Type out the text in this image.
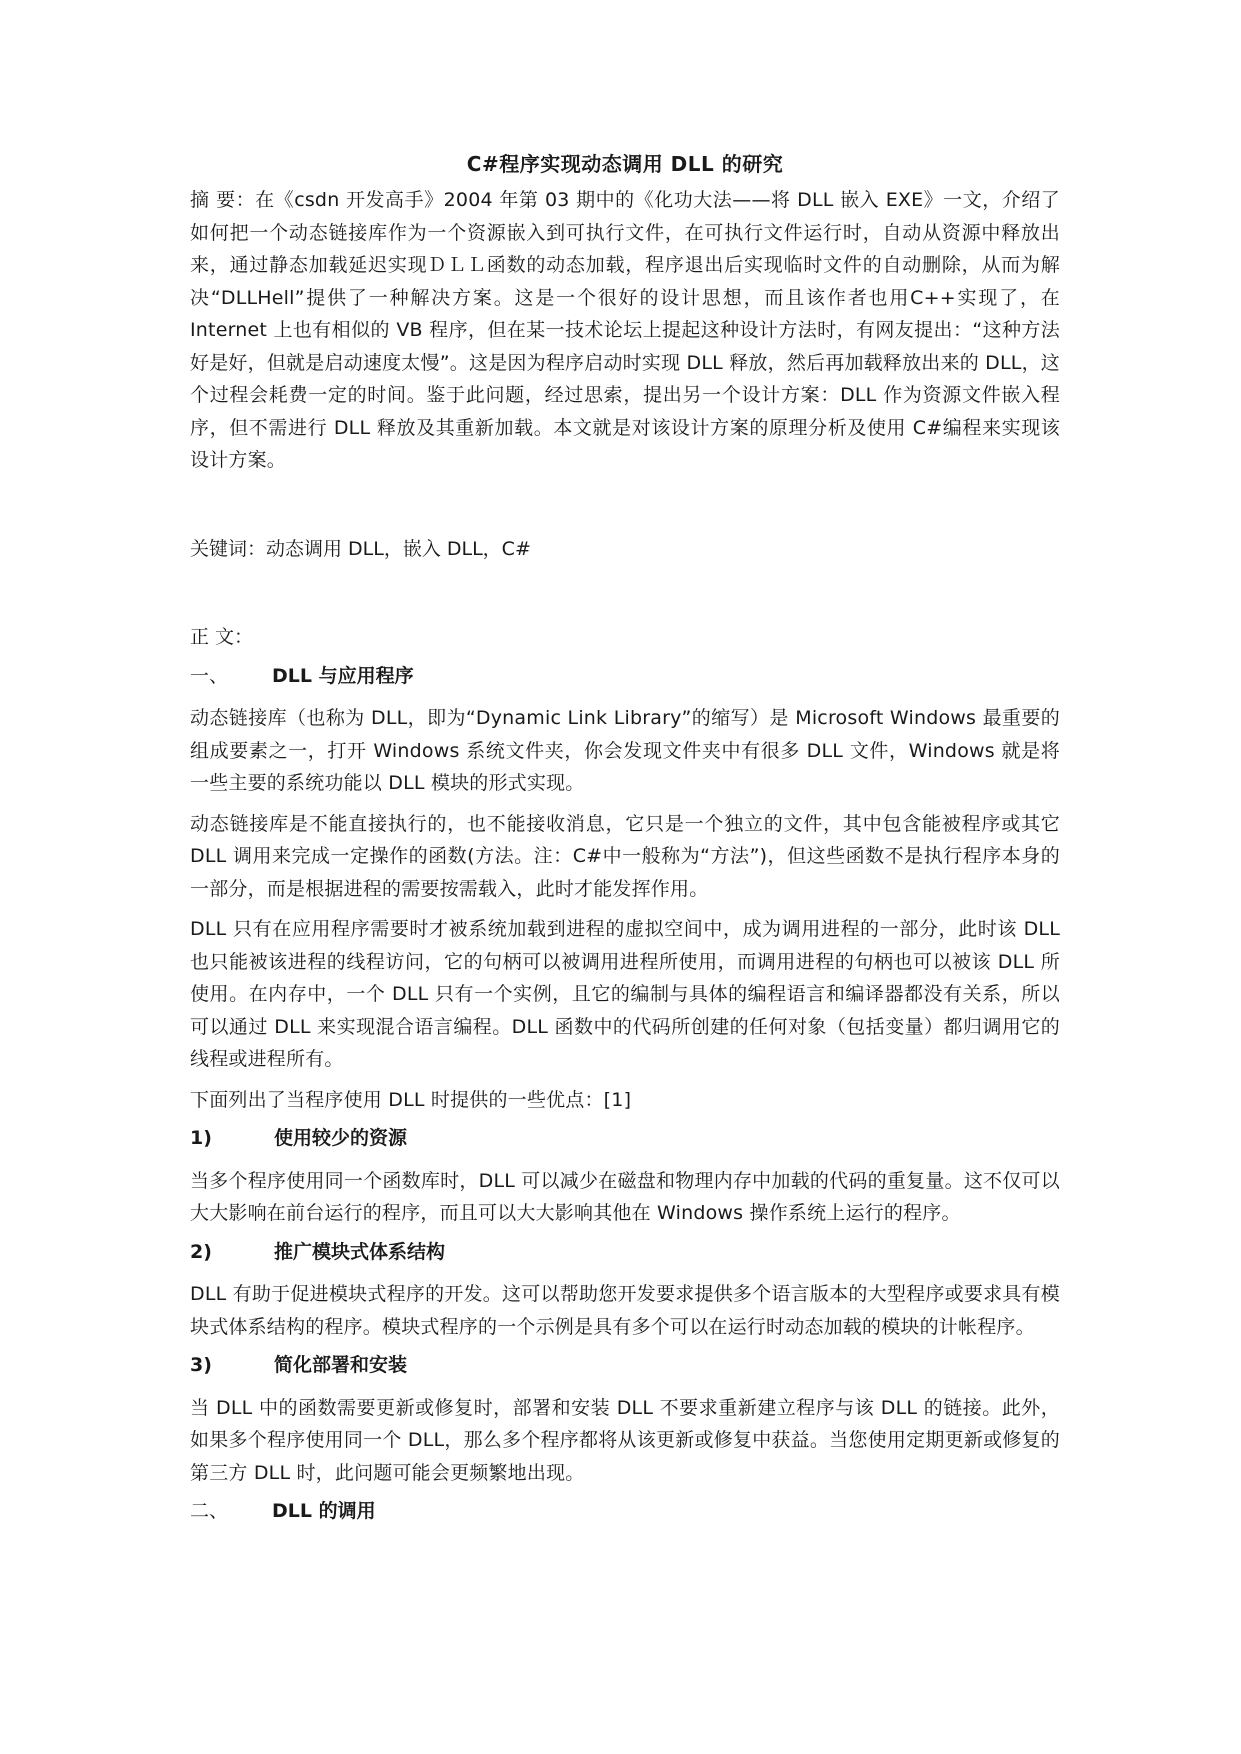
C#程序实现动态调用 DLL 的研究

摘 要：在《csdn 开发高手》2004 年第 03 期中的《化功大法——将 DLL 嵌入 EXE》一文，介绍了如何把一个动态链接库作为一个资源嵌入到可执行文件，在可执行文件运行时，自动从资源中释放出来，通过静态加载延迟实现ＤＬＬ函数的动态加载，程序退出后实现临时文件的自动删除，从而为解决“DLLHell”提供了一种解决方案。这是一个很好的设计思想，而且该作者也用C++实现了，在 Internet 上也有相似的 VB 程序，但在某一技术论坛上提起这种设计方法时，有网友提出：“这种方法好是好，但就是启动速度太慢”。这是因为程序启动时实现 DLL 释放，然后再加载释放出来的 DLL，这个过程会耗费一定的时间。鉴于此问题，经过思索，提出另一个设计方案：DLL 作为资源文件嵌入程序，但不需进行 DLL 释放及其重新加载。本文就是对该设计方案的原理分析及使用 C#编程来实现该设计方案。

关键词：动态调用 DLL，嵌入 DLL，C#
正 文：
一、	DLL 与应用程序

动态链接库（也称为 DLL，即为“Dynamic Link Library”的缩写）是 Microsoft Windows 最重要的组成要素之一，打开 Windows 系统文件夹，你会发现文件夹中有很多 DLL 文件，Windows 就是将一些主要的系统功能以 DLL 模块的形式实现。

动态链接库是不能直接执行的，也不能接收消息，它只是一个独立的文件，其中包含能被程序或其它 DLL 调用来完成一定操作的函数(方法。注：C#中一般称为“方法”)，但这些函数不是执行程序本身的一部分，而是根据进程的需要按需载入，此时才能发挥作用。

DLL 只有在应用程序需要时才被系统加载到进程的虚拟空间中，成为调用进程的一部分，此时该 DLL 也只能被该进程的线程访问，它的句柄可以被调用进程所使用，而调用进程的句柄也可以被该 DLL 所使用。在内存中，一个 DLL 只有一个实例，且它的编制与具体的编程语言和编译器都没有关系，所以可以通过 DLL 来实现混合语言编程。DLL 函数中的代码所创建的任何对象（包括变量）都归调用它的线程或进程所有。

下面列出了当程序使用 DLL 时提供的一些优点：[1]

1)	使用较少的资源

当多个程序使用同一个函数库时，DLL 可以减少在磁盘和物理内存中加载的代码的重复量。这不仅可以大大影响在前台运行的程序，而且可以大大影响其他在 Windows 操作系统上运行的程序。

2)	推广模块式体系结构

DLL 有助于促进模块式程序的开发。这可以帮助您开发要求提供多个语言版本的大型程序或要求具有模块式体系结构的程序。模块式程序的一个示例是具有多个可以在运行时动态加载的模块的计帐程序。

3)	简化部署和安装

当 DLL 中的函数需要更新或修复时，部署和安装 DLL 不要求重新建立程序与该 DLL 的链接。此外，如果多个程序使用同一个 DLL，那么多个程序都将从该更新或修复中获益。当您使用定期更新或修复的第三方 DLL 时，此问题可能会更频繁地出现。

二、	DLL 的调用
